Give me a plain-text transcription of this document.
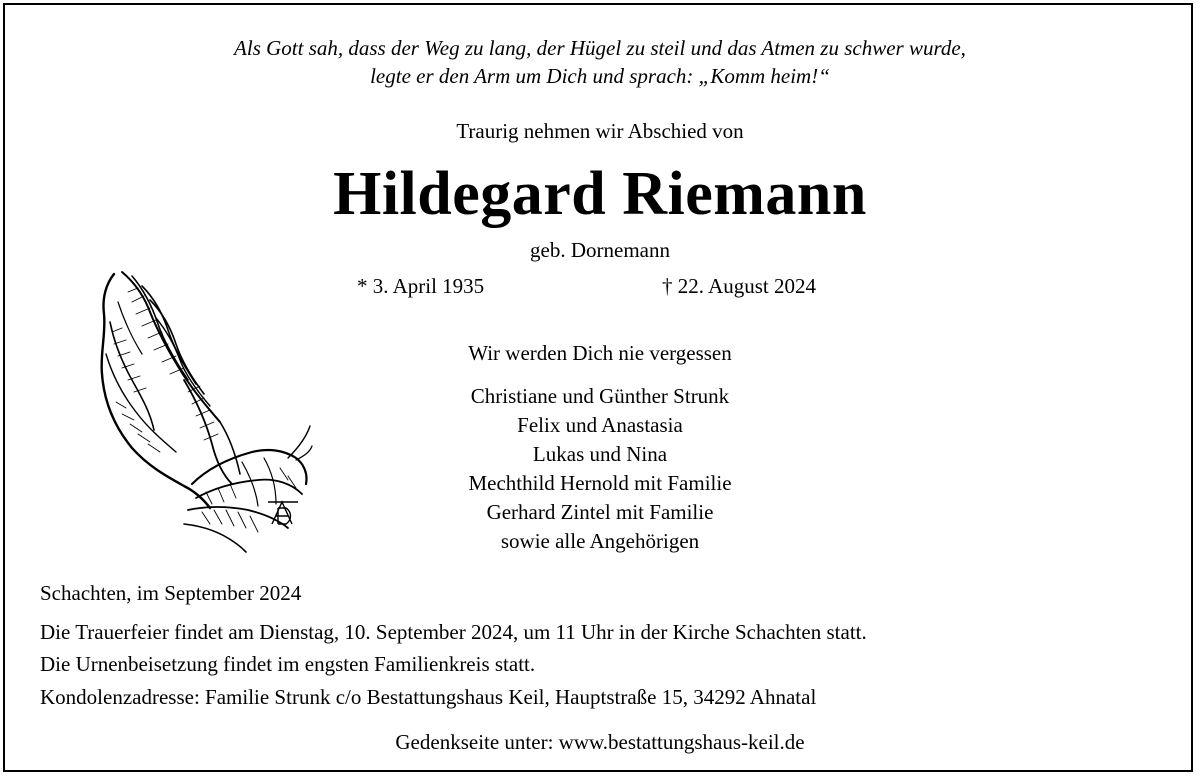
Als Gott sah, dass der Weg zu lang, der Hügel zu steil und das Atmen zu schwer wurde,
legte er den Arm um Dich und sprach: „Komm heim!“
Traurig nehmen wir Abschied von
Hildegard Riemann
geb. Dornemann
* 3. April 1935	† 22. August 2024
Wir werden Dich nie vergessen
Christiane und Günther Strunk
Felix und Anastasia
Lukas und Nina
Mechthild Hernold mit Familie
Gerhard Zintel mit Familie
sowie alle Angehörigen
Schachten, im September 2024
Die Trauerfeier findet am Dienstag, 10. September 2024, um 11 Uhr in der Kirche Schachten statt.
Die Urnenbeisetzung findet im engsten Familienkreis statt.
Kondolenzadresse: Familie Strunk c/o Bestattungshaus Keil, Hauptstraße 15, 34292 Ahnatal
Gedenkseite unter: www.bestattungshaus-keil.de
